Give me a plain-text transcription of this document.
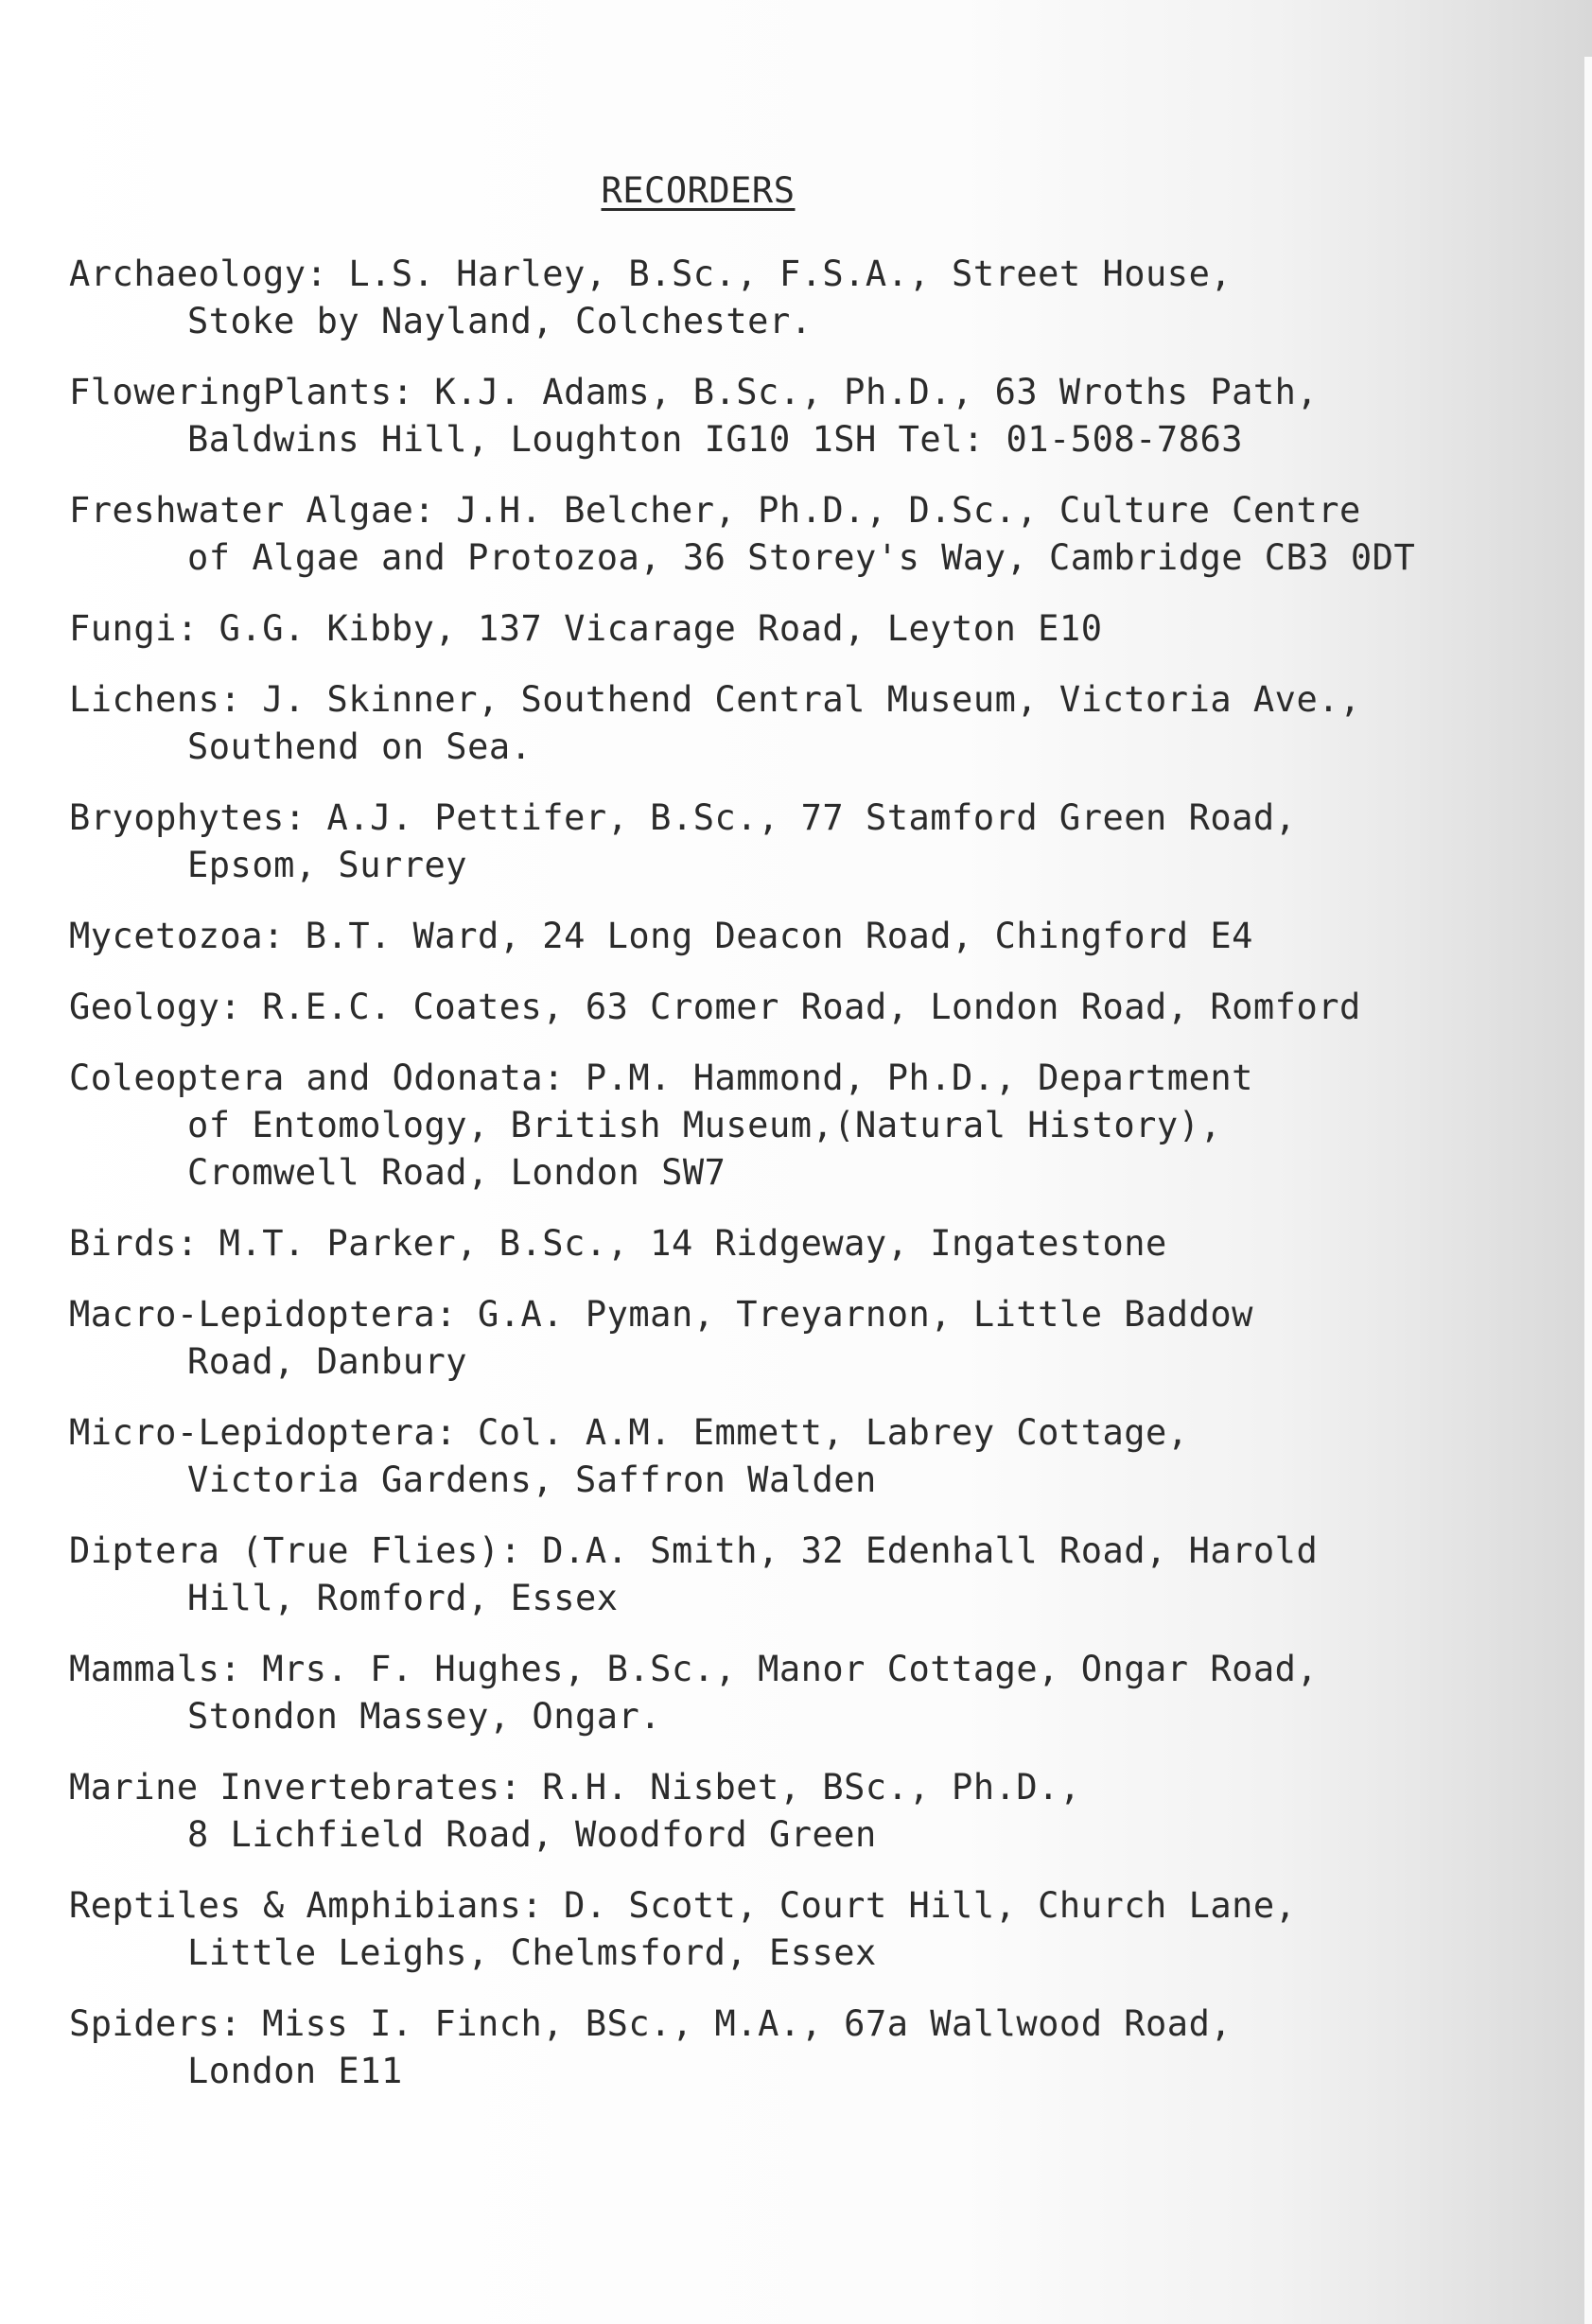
RECORDERS
Archaeology: L.S. Harley, B.Sc., F.S.A., Street House,
Stoke by Nayland, Colchester.
FloweringPlants: K.J. Adams, B.Sc., Ph.D., 63 Wroths Path,
Baldwins Hill, Loughton IG10 1SH Tel: 01-508-7863
Freshwater Algae: J.H. Belcher, Ph.D., D.Sc., Culture Centre
of Algae and Protozoa, 36 Storey's Way, Cambridge CB3 0DT
Fungi: G.G. Kibby, 137 Vicarage Road, Leyton E10
Lichens: J. Skinner, Southend Central Museum, Victoria Ave.,
Southend on Sea.
Bryophytes: A.J. Pettifer, B.Sc., 77 Stamford Green Road,
Epsom, Surrey
Mycetozoa: B.T. Ward, 24 Long Deacon Road, Chingford E4
Geology: R.E.C. Coates, 63 Cromer Road, London Road, Romford
Coleoptera and Odonata: P.M. Hammond, Ph.D., Department
of Entomology, British Museum,(Natural History),
Cromwell Road, London SW7
Birds: M.T. Parker, B.Sc., 14 Ridgeway, Ingatestone
Macro-Lepidoptera: G.A. Pyman, Treyarnon, Little Baddow
Road, Danbury
Micro-Lepidoptera: Col. A.M. Emmett, Labrey Cottage,
Victoria Gardens, Saffron Walden
Diptera (True Flies): D.A. Smith, 32 Edenhall Road, Harold
Hill, Romford, Essex
Mammals: Mrs. F. Hughes, B.Sc., Manor Cottage, Ongar Road,
Stondon Massey, Ongar.
Marine Invertebrates: R.H. Nisbet, BSc., Ph.D.,
8 Lichfield Road, Woodford Green
Reptiles & Amphibians: D. Scott, Court Hill, Church Lane,
Little Leighs, Chelmsford, Essex
Spiders: Miss I. Finch, BSc., M.A., 67a Wallwood Road,
London E11
